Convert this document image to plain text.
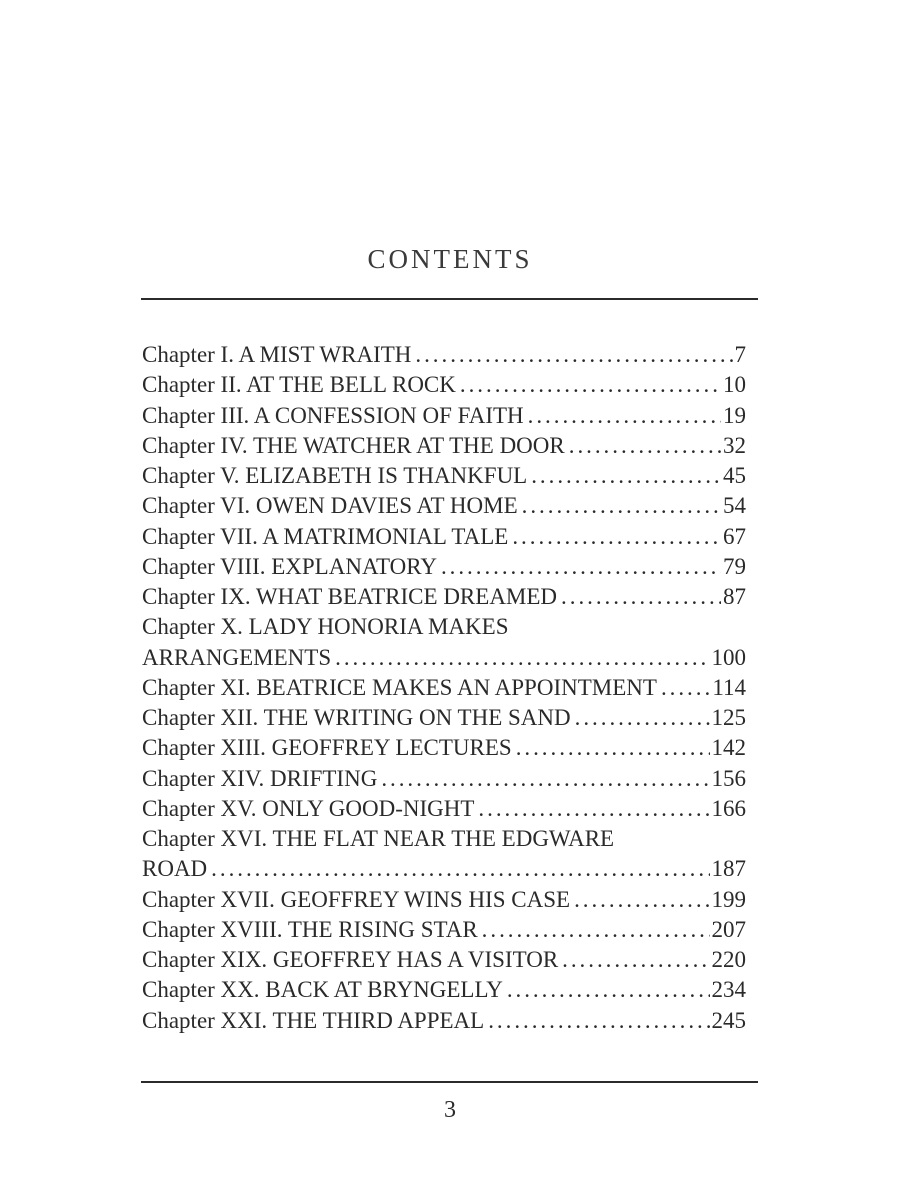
CONTENTS
Chapter I. A MIST WRAITH . . .	7
Chapter II. AT THE BELL ROCK . . .	10
Chapter III. A CONFESSION OF FAITH . . .	19
Chapter IV. THE WATCHER AT THE DOOR . . .	32
Chapter V. ELIZABETH IS THANKFUL . . .	45
Chapter VI. OWEN DAVIES AT HOME . . .	54
Chapter VII. A MATRIMONIAL TALE . . .	67
Chapter VIII. EXPLANATORY . . .	79
Chapter IX. WHAT BEATRICE DREAMED . . .	87
Chapter X. LADY HONORIA MAKES
ARRANGEMENTS . . .	100
Chapter XI. BEATRICE MAKES AN APPOINTMENT . . . 114
Chapter XII. THE WRITING ON THE SAND . . .	125
Chapter XIII. GEOFFREY LECTURES . . .	142
Chapter XIV. DRIFTING . . .	156
Chapter XV. ONLY GOOD-NIGHT . . .	166
Chapter XVI. THE FLAT NEAR THE EDGWARE
ROAD . . .	187
Chapter XVII. GEOFFREY WINS HIS CASE . . .	199
Chapter XVIII. THE RISING STAR . . .	207
Chapter XIX. GEOFFREY HAS A VISITOR . . .	220
Chapter XX. BACK AT BRYNGELLY . . .	234
Chapter XXI. THE THIRD APPEAL . . .	245
3
